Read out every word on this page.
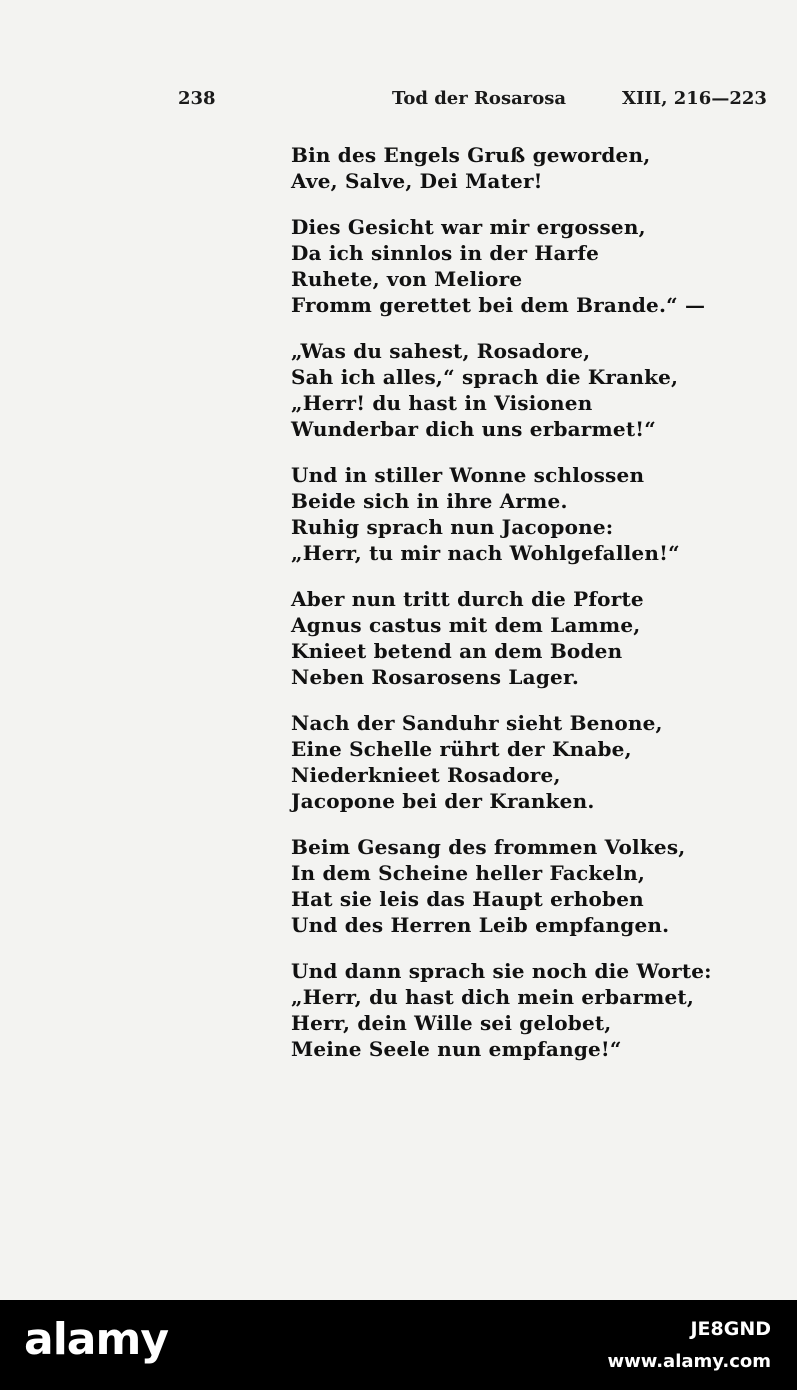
238	Tod der Rosarosa	XIII, 216—223
Bin des Engels Gruß geworden,
Ave, Salve, Dei Mater!
Dies Gesicht war mir ergossen,
Da ich sinnlos in der Harfe
Ruhete, von Meliore
Fromm gerettet bei dem Brande.“ —
„Was du sahest, Rosadore,
Sah ich alles,“ sprach die Kranke,
„Herr! du hast in Visionen
Wunderbar dich uns erbarmet!“
Und in stiller Wonne schlossen
Beide sich in ihre Arme.
Ruhig sprach nun Jacopone:
„Herr, tu mir nach Wohlgefallen!“
Aber nun tritt durch die Pforte
Agnus castus mit dem Lamme,
Knieet betend an dem Boden
Neben Rosarosens Lager.
Nach der Sanduhr sieht Benone,
Eine Schelle rührt der Knabe,
Niederknieet Rosadore,
Jacopone bei der Kranken.
Beim Gesang des frommen Volkes,
In dem Scheine heller Fackeln,
Hat sie leis das Haupt erhoben
Und des Herren Leib empfangen.
Und dann sprach sie noch die Worte:
„Herr, du hast dich mein erbarmet,
Herr, dein Wille sei gelobet,
Meine Seele nun empfange!“
alamy	JE8GND
www.alamy.com
